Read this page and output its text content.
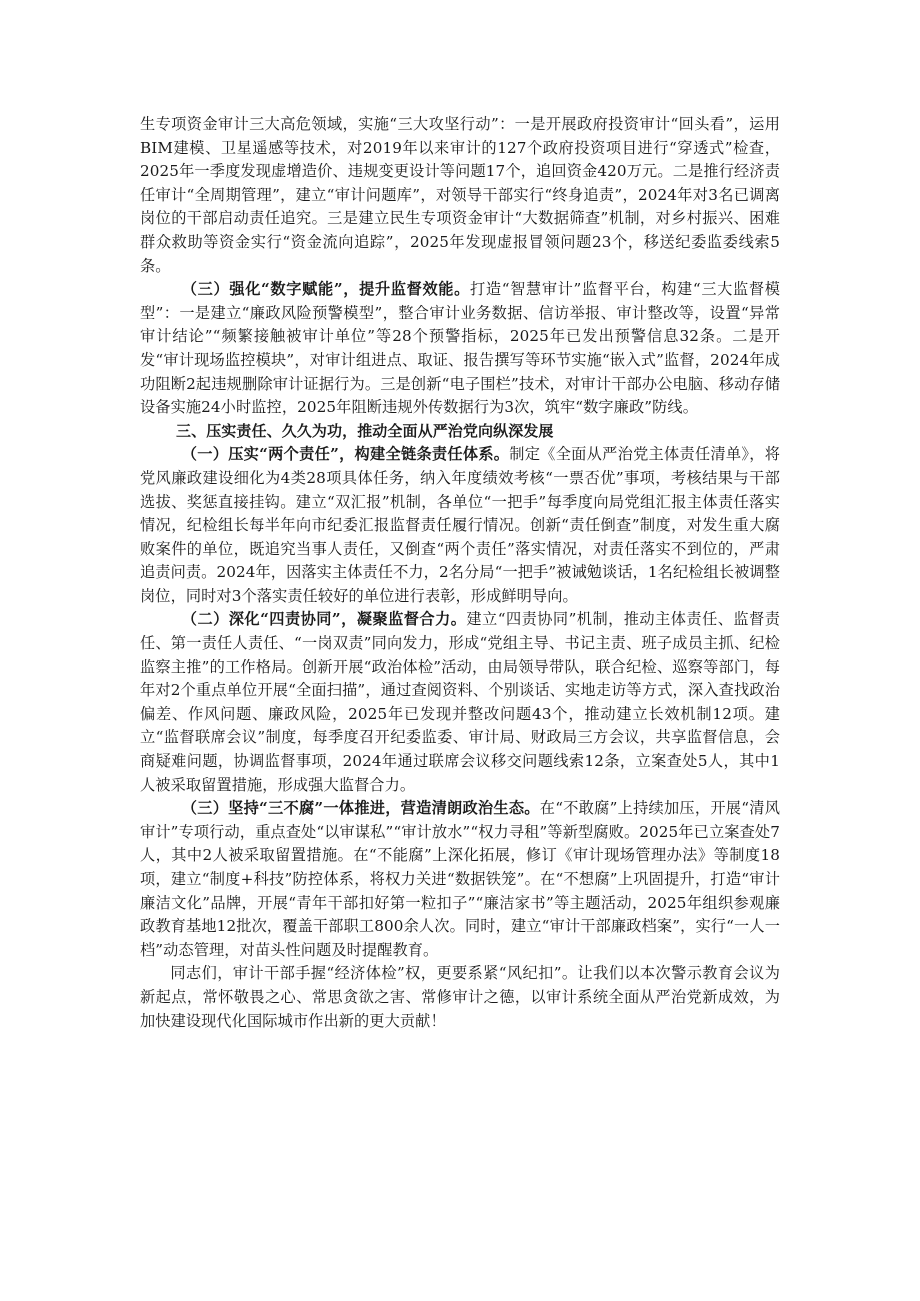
生专项资金审计三大高危领域，实施“三大攻坚行动”：一是开展政府投资审计“回头看”，运用BIM建模、卫星遥感等技术，对2019年以来审计的127个政府投资项目进行“穿透式”检查，2025年一季度发现虚增造价、违规变更设计等问题17个，追回资金420万元。二是推行经济责任审计“全周期管理”，建立“审计问题库”，对领导干部实行“终身追责”，2024年对3名已调离岗位的干部启动责任追究。三是建立民生专项资金审计“大数据筛查”机制，对乡村振兴、困难群众救助等资金实行“资金流向追踪”，2025年发现虚报冒领问题23个，移送纪委监委线索5条。

（三）强化“数字赋能”，提升监督效能。打造“智慧审计”监督平台，构建“三大监督模型”：一是建立“廉政风险预警模型”，整合审计业务数据、信访举报、审计整改等，设置“异常审计结论”“频繁接触被审计单位”等28个预警指标，2025年已发出预警信息32条。二是开发“审计现场监控模块”，对审计组进点、取证、报告撰写等环节实施“嵌入式”监督，2024年成功阻断2起违规删除审计证据行为。三是创新“电子围栏”技术，对审计干部办公电脑、移动存储设备实施24小时监控，2025年阻断违规外传数据行为3次，筑牢“数字廉政”防线。

三、压实责任、久久为功，推动全面从严治党向纵深发展

（一）压实“两个责任”，构建全链条责任体系。制定《全面从严治党主体责任清单》，将党风廉政建设细化为4类28项具体任务，纳入年度绩效考核“一票否优”事项，考核结果与干部选拔、奖惩直接挂钩。建立“双汇报”机制，各单位“一把手”每季度向局党组汇报主体责任落实情况，纪检组长每半年向市纪委汇报监督责任履行情况。创新“责任倒查”制度，对发生重大腐败案件的单位，既追究当事人责任，又倒查“两个责任”落实情况，对责任落实不到位的，严肃追责问责。2024年，因落实主体责任不力，2名分局“一把手”被诫勉谈话，1名纪检组长被调整岗位，同时对3个落实责任较好的单位进行表彰，形成鲜明导向。

（二）深化“四责协同”，凝聚监督合力。建立“四责协同”机制，推动主体责任、监督责任、第一责任人责任、“一岗双责”同向发力，形成“党组主导、书记主责、班子成员主抓、纪检监察主推”的工作格局。创新开展“政治体检”活动，由局领导带队，联合纪检、巡察等部门，每年对2个重点单位开展“全面扫描”，通过查阅资料、个别谈话、实地走访等方式，深入查找政治偏差、作风问题、廉政风险，2025年已发现并整改问题43个，推动建立长效机制12项。建立“监督联席会议”制度，每季度召开纪委监委、审计局、财政局三方会议，共享监督信息，会商疑难问题，协调监督事项，2024年通过联席会议移交问题线索12条，立案查处5人，其中1人被采取留置措施，形成强大监督合力。

（三）坚持“三不腐”一体推进，营造清朗政治生态。在“不敢腐”上持续加压，开展“清风审计”专项行动，重点查处“以审谋私”“审计放水”“权力寻租”等新型腐败。2025年已立案查处7人，其中2人被采取留置措施。在“不能腐”上深化拓展，修订《审计现场管理办法》等制度18项，建立“制度+科技”防控体系，将权力关进“数据铁笼”。在“不想腐”上巩固提升，打造“审计廉洁文化”品牌，开展“青年干部扣好第一粒扣子”“廉洁家书”等主题活动，2025年组织参观廉政教育基地12批次，覆盖干部职工800余人次。同时，建立“审计干部廉政档案”，实行“一人一档”动态管理，对苗头性问题及时提醒教育。

同志们，审计干部手握“经济体检”权，更要系紧“风纪扣”。让我们以本次警示教育会议为新起点，常怀敬畏之心、常思贪欲之害、常修审计之德，以审计系统全面从严治党新成效，为加快建设现代化国际城市作出新的更大贡献！
